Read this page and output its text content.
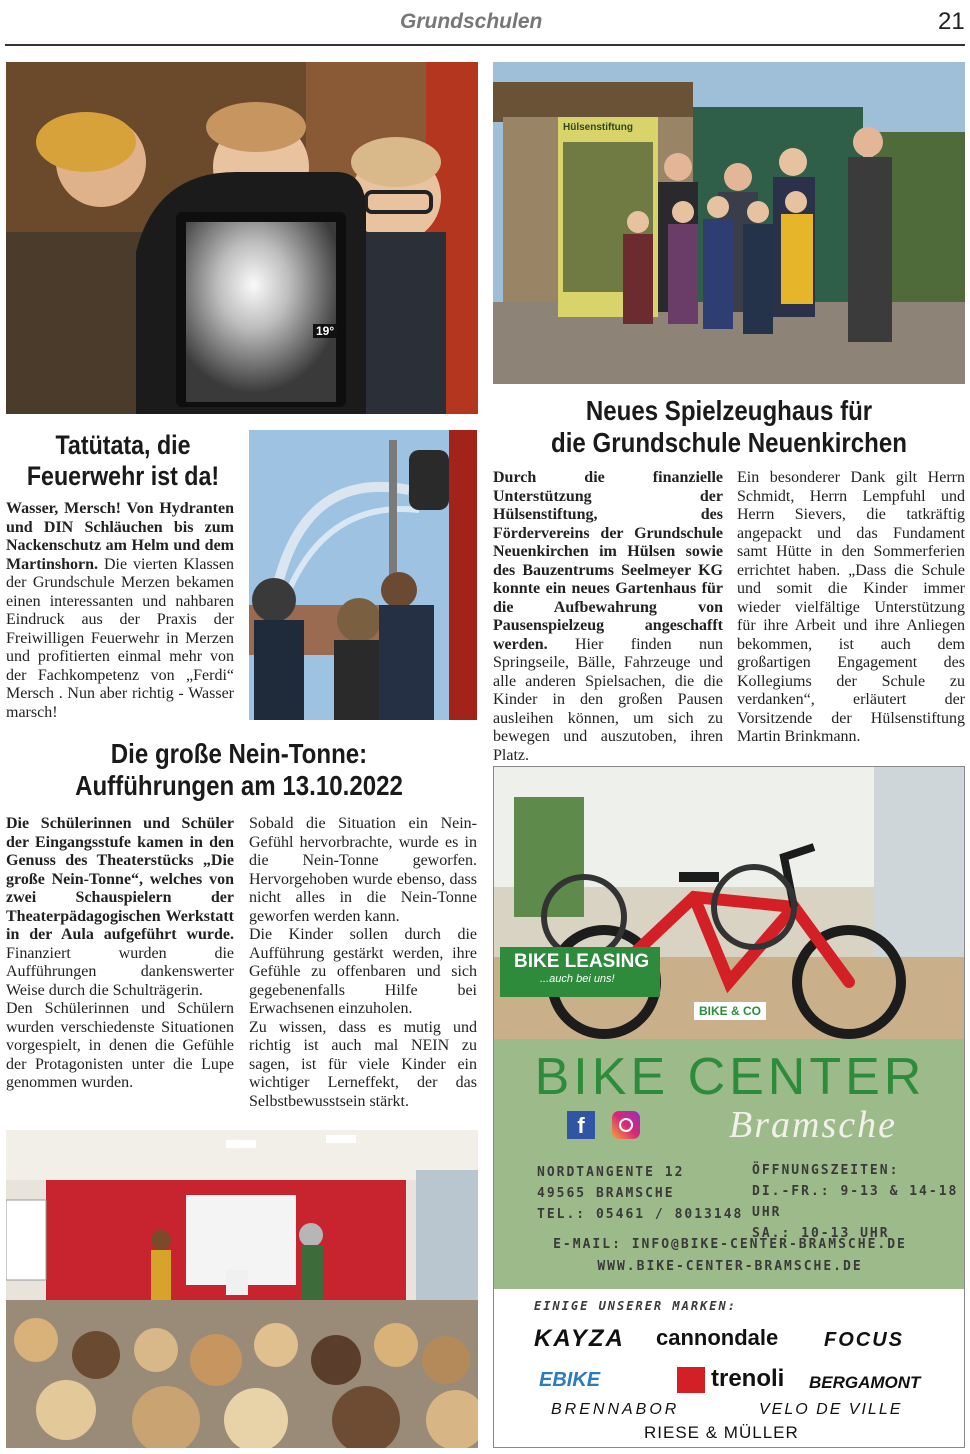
Grundschulen	21
19°
Hülsenstiftung
Neues Spielzeughaus für
die Grundschule Neuenkirchen
Tatütata, die
Feuerwehr ist da!
Wasser, Mersch! Von Hydranten und DIN Schläuchen bis zum Nackenschutz am Helm und dem Martinshorn. Die vierten Klassen der Grundschule Merzen bekamen einen interessanten und nahbaren Eindruck aus der Praxis der Freiwilligen Feuerwehr in Merzen und profitierten einmal mehr von der Fachkompetenz von „Ferdi“ Mersch . Nun aber richtig - Wasser marsch!
Durch die finanzielle Unterstützung der Hülsenstiftung, des Fördervereins der Grundschule Neuenkirchen im Hülsen sowie des Bauzentrums Seelmeyer KG konnte ein neues Gartenhaus für die Aufbewahrung von Pausenspielzeug angeschafft werden. Hier finden nun Springseile, Bälle, Fahrzeuge und alle anderen Spielsachen, die die Kinder in den großen Pausen ausleihen können, um sich zu bewegen und auszutoben, ihren Platz.
Ein besonderer Dank gilt Herrn Schmidt, Herrn Lempfuhl und Herrn Sievers, die tatkräftig angepackt und das Fundament samt Hütte in den Sommerferien errichtet haben. „Dass die Schule und somit die Kinder immer wieder vielfältige Unterstützung für ihre Arbeit und ihre Anliegen bekommen, ist auch dem großartigen Engagement des Kollegiums der Schule zu verdanken“, erläutert der Vorsitzende der Hülsenstiftung Martin Brinkmann.
Die große Nein-Tonne:
Aufführungen am 13.10.2022
Die Schülerinnen und Schüler der Eingangsstufe kamen in den Genuss des Theaterstücks „Die große Nein-Tonne“, welches von zwei Schauspielern der Theaterpädagogischen Werkstatt in der Aula aufgeführt wurde. Finanziert wurden die Aufführungen dankenswerter Weise durch die Schulträgerin.
Den Schülerinnen und Schülern wurden verschiedenste Situationen vorgespielt, in denen die Gefühle der Protagonisten unter die Lupe genommen wurden.
Sobald die Situation ein Nein-Gefühl hervorbrachte, wurde es in die Nein-Tonne geworfen. Hervorgehoben wurde ebenso, dass nicht alles in die Nein-Tonne geworfen werden kann.
Die Kinder sollen durch die Aufführung gestärkt werden, ihre Gefühle zu offenbaren und sich gegebenenfalls Hilfe bei Erwachsenen einzuholen.
Zu wissen, dass es mutig und richtig ist auch mal NEIN zu sagen, ist für viele Kinder ein wichtiger Lerneffekt, der das Selbstbewusstsein stärkt.
BIKE LEASING
...auch bei uns!
BIKE & CO
BIKE CENTER
f	Bramsche
NORDTANGENTE 12
49565 BRAMSCHE
TEL.: 05461 / 8013148
ÖFFNUNGSZEITEN:
DI.-FR.: 9-13 & 14-18 UHR
SA.: 10-13 UHR
E-MAIL: INFO@BIKE-CENTER-BRAMSCHE.DE
WWW.BIKE-CENTER-BRAMSCHE.DE
EINIGE UNSERER MARKEN:
KAYZA cannondale FOCUS
EBIKE	trenoli BERGAMONT
BRENNABOR	VELO DE VILLE
RIESE & MÜLLER
